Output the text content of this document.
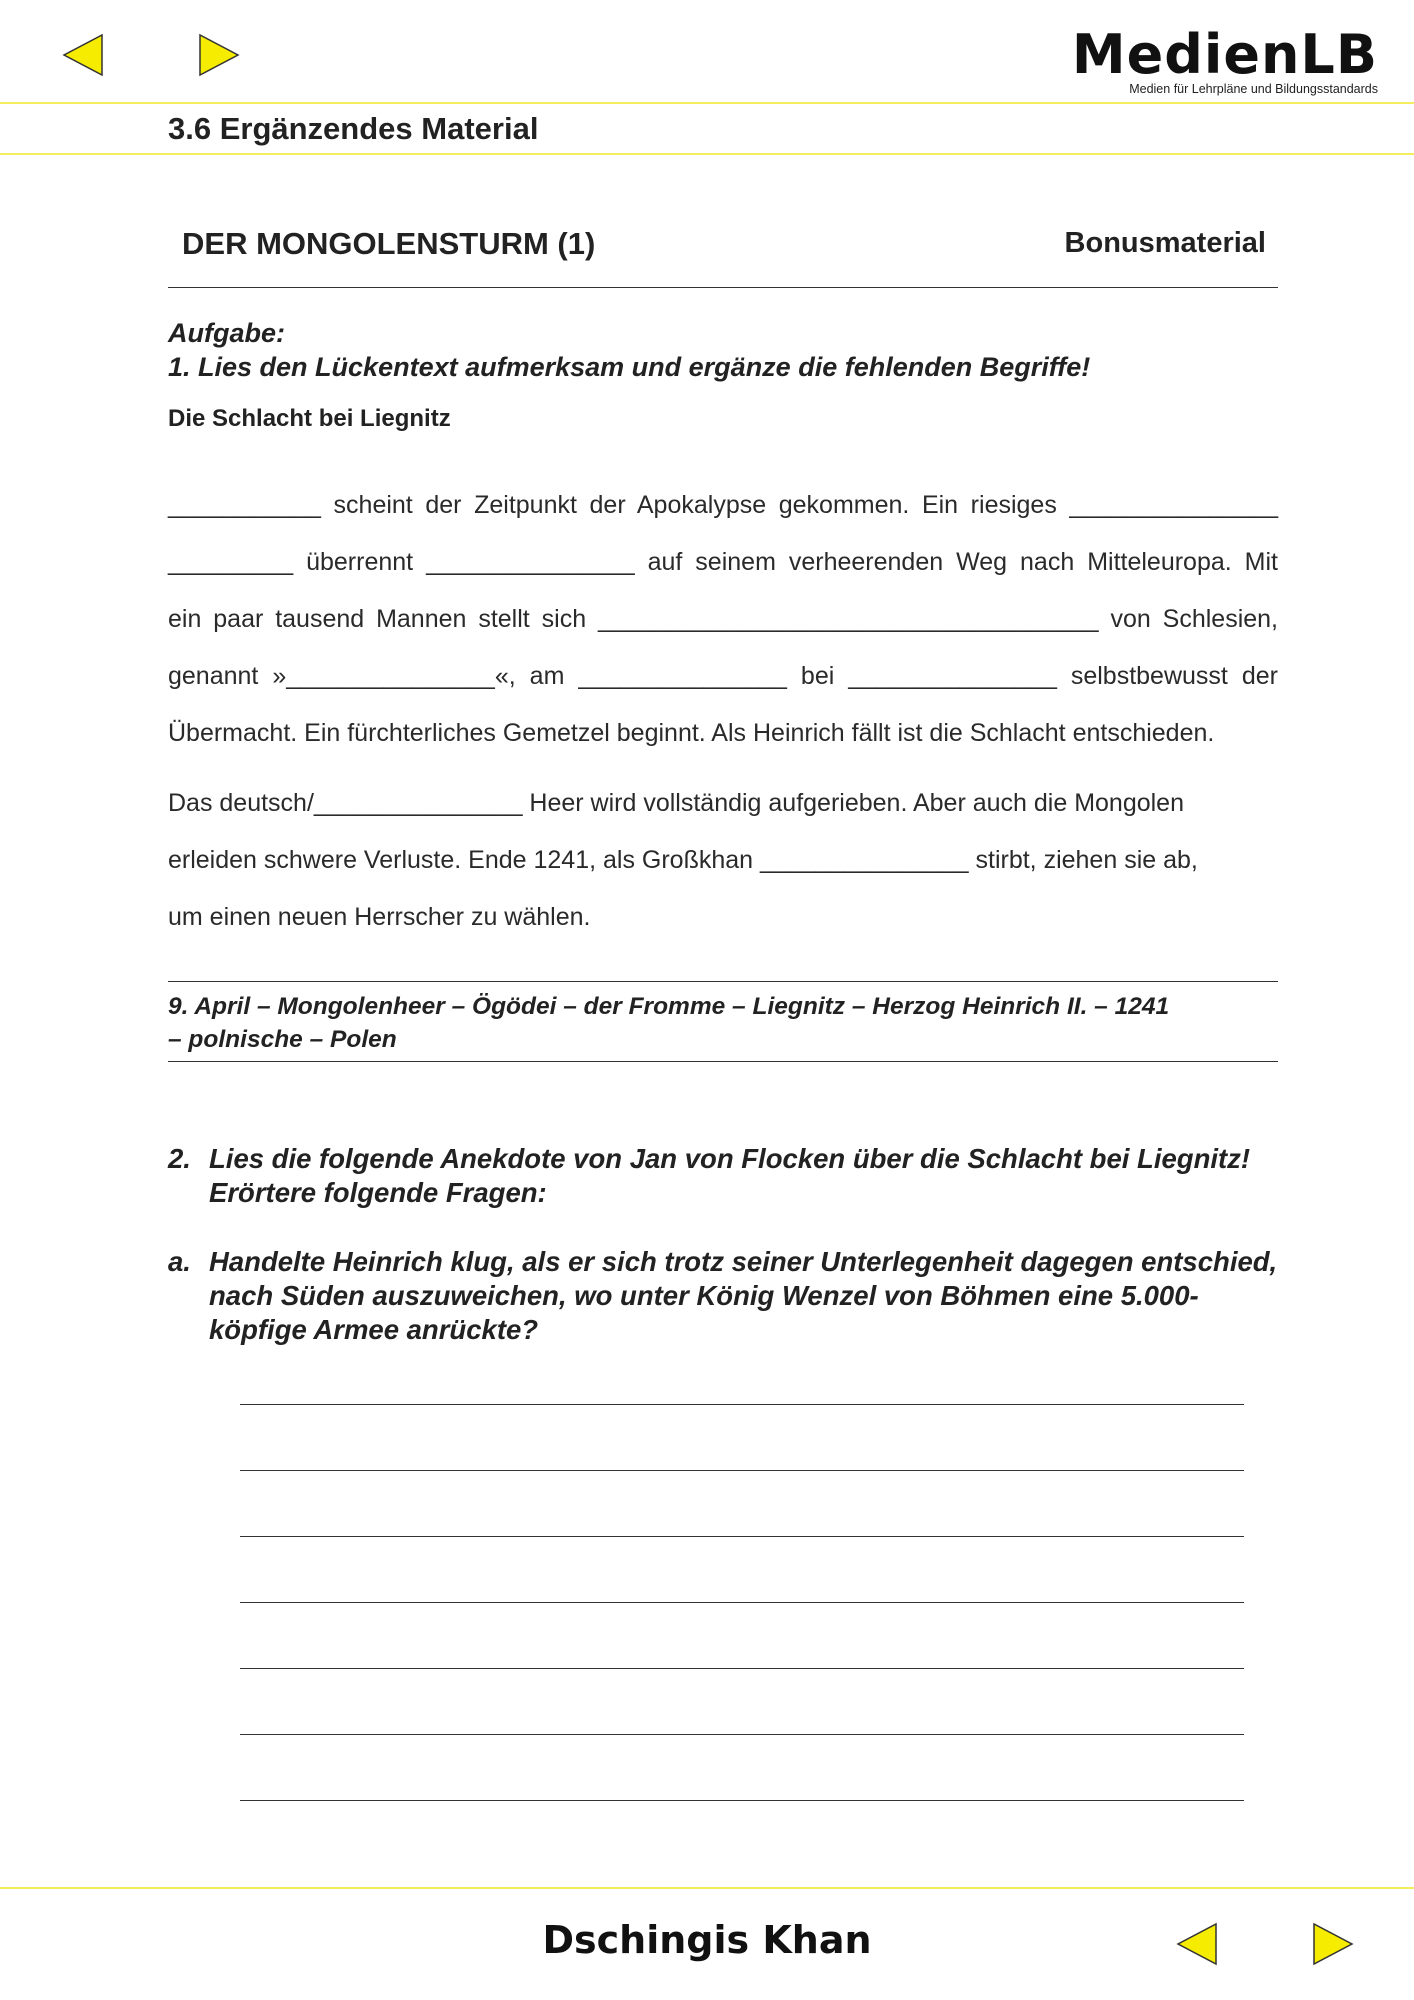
MedienLB
Medien für Lehrpläne und Bildungsstandards
3.6 Ergänzendes Material
DER MONGOLENSTURM (1)	Bonusmaterial
Aufgabe:
1. Lies den Lückentext aufmerksam und ergänze die fehlenden Begriffe!
Die Schlacht bei Liegnitz
___________ scheint der Zeitpunkt der Apokalypse gekommen. Ein riesiges _______________
_________ überrennt _______________ auf seinem verheerenden Weg nach Mitteleuropa. Mit
ein paar tausend Mannen stellt sich ____________________________________ von Schlesien,
genannt »_______________«, am _______________ bei _______________ selbstbewusst der
Übermacht. Ein fürchterliches Gemetzel beginnt. Als Heinrich fällt ist die Schlacht entschieden.
Das deutsch/_______________ Heer wird vollständig aufgerieben. Aber auch die Mongolen
erleiden schwere Verluste. Ende 1241, als Großkhan _______________ stirbt, ziehen sie ab,
um einen neuen Herrscher zu wählen.
9. April – Mongolenheer – Ögödei – der Fromme – Liegnitz – Herzog Heinrich II. – 1241
– polnische – Polen
2. Lies die folgende Anekdote von Jan von Flocken über die Schlacht bei Liegnitz! Erörtere folgende Fragen:
a. Handelte Heinrich klug, als er sich trotz seiner Unterlegenheit dagegen entschied, nach Süden auszuweichen, wo unter König Wenzel von Böhmen eine 5.000-köpfige Armee anrückte?
Dschingis Khan
